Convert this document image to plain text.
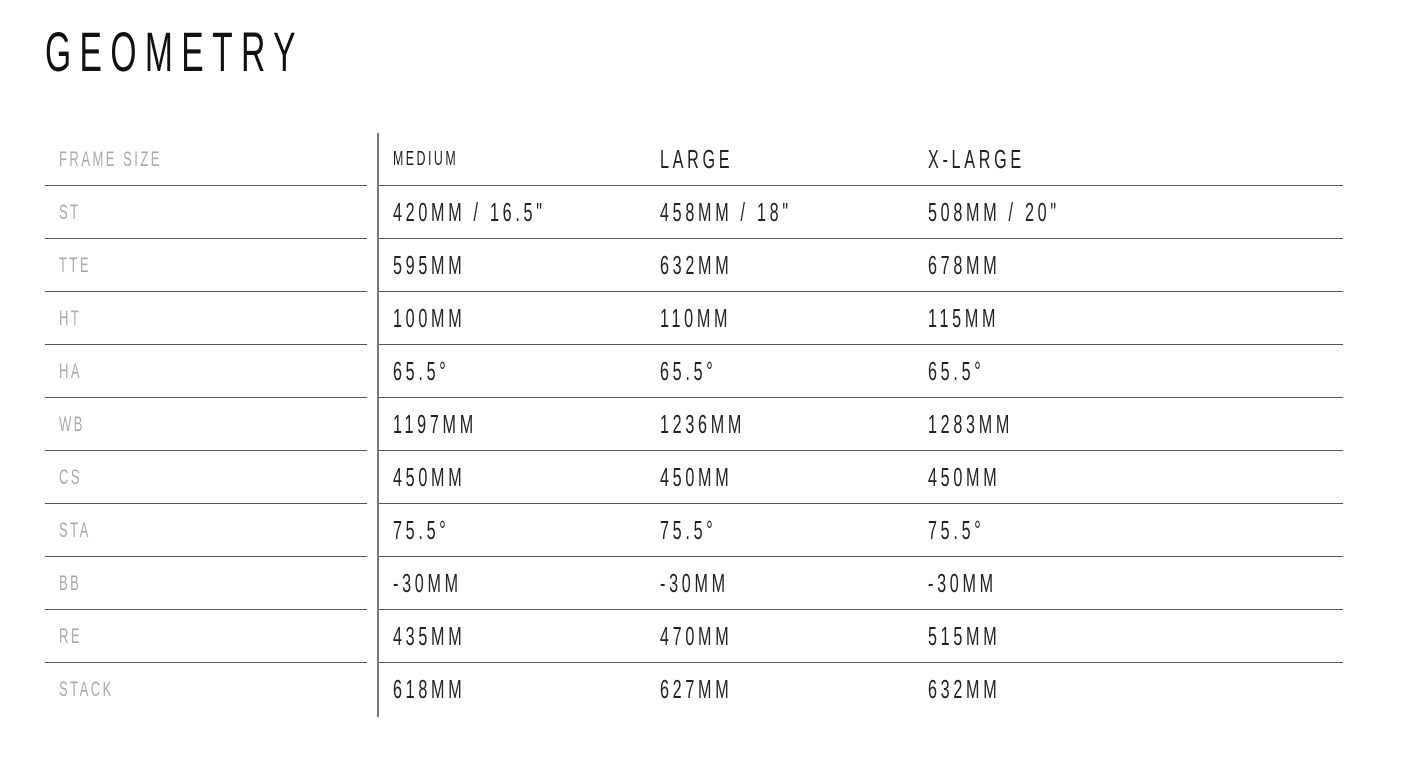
GEOMETRY
FRAME SIZE	MEDIUM	LARGE	X-LARGE
ST	420MM / 16.5"	458MM / 18"	508MM / 20"
TTE	595MM	632MM	678MM
HT	100MM	110MM	115MM
HA	65.5°	65.5°	65.5°
WB	1197MM	1236MM	1283MM
CS	450MM	450MM	450MM
STA	75.5°	75.5°	75.5°
BB	-30MM	-30MM	-30MM
RE	435MM	470MM	515MM
STACK	618MM	627MM	632MM
